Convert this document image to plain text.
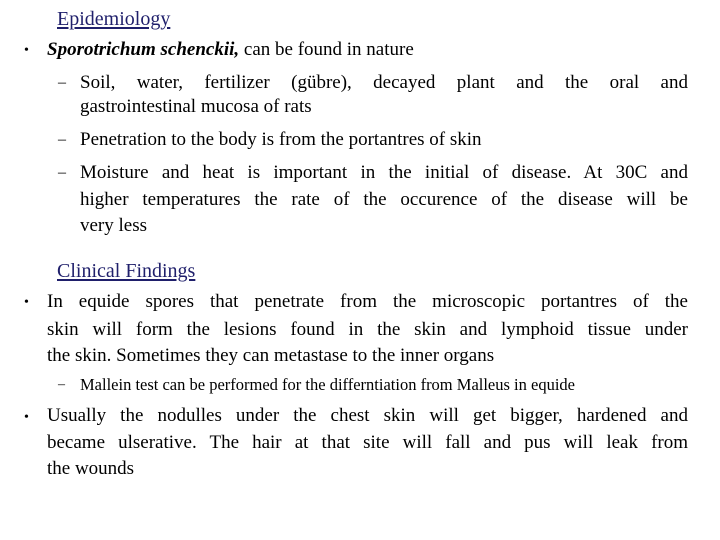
Epidemiology
• Sporotrichum schenckii, can be found in nature
– Soil, water, fertilizer (gübre), decayed plant and the oral and
gastrointestinal mucosa of rats
– Penetration to the body is from the portantres of skin
– Moisture and heat is important in the initial of disease. At 30C and
higher temperatures the rate of the occurence of the disease will be
very less
Clinical Findings
• In equide spores that penetrate from the microscopic portantres of the
skin will form the lesions found in the skin and lymphoid tissue under
the skin. Sometimes they can metastase to the inner organs
– Mallein test can be performed for the differntiation from Malleus in equide
• Usually the nodulles under the chest skin will get bigger, hardened and
became ulserative. The hair at that site will fall and pus will leak from
the wounds
